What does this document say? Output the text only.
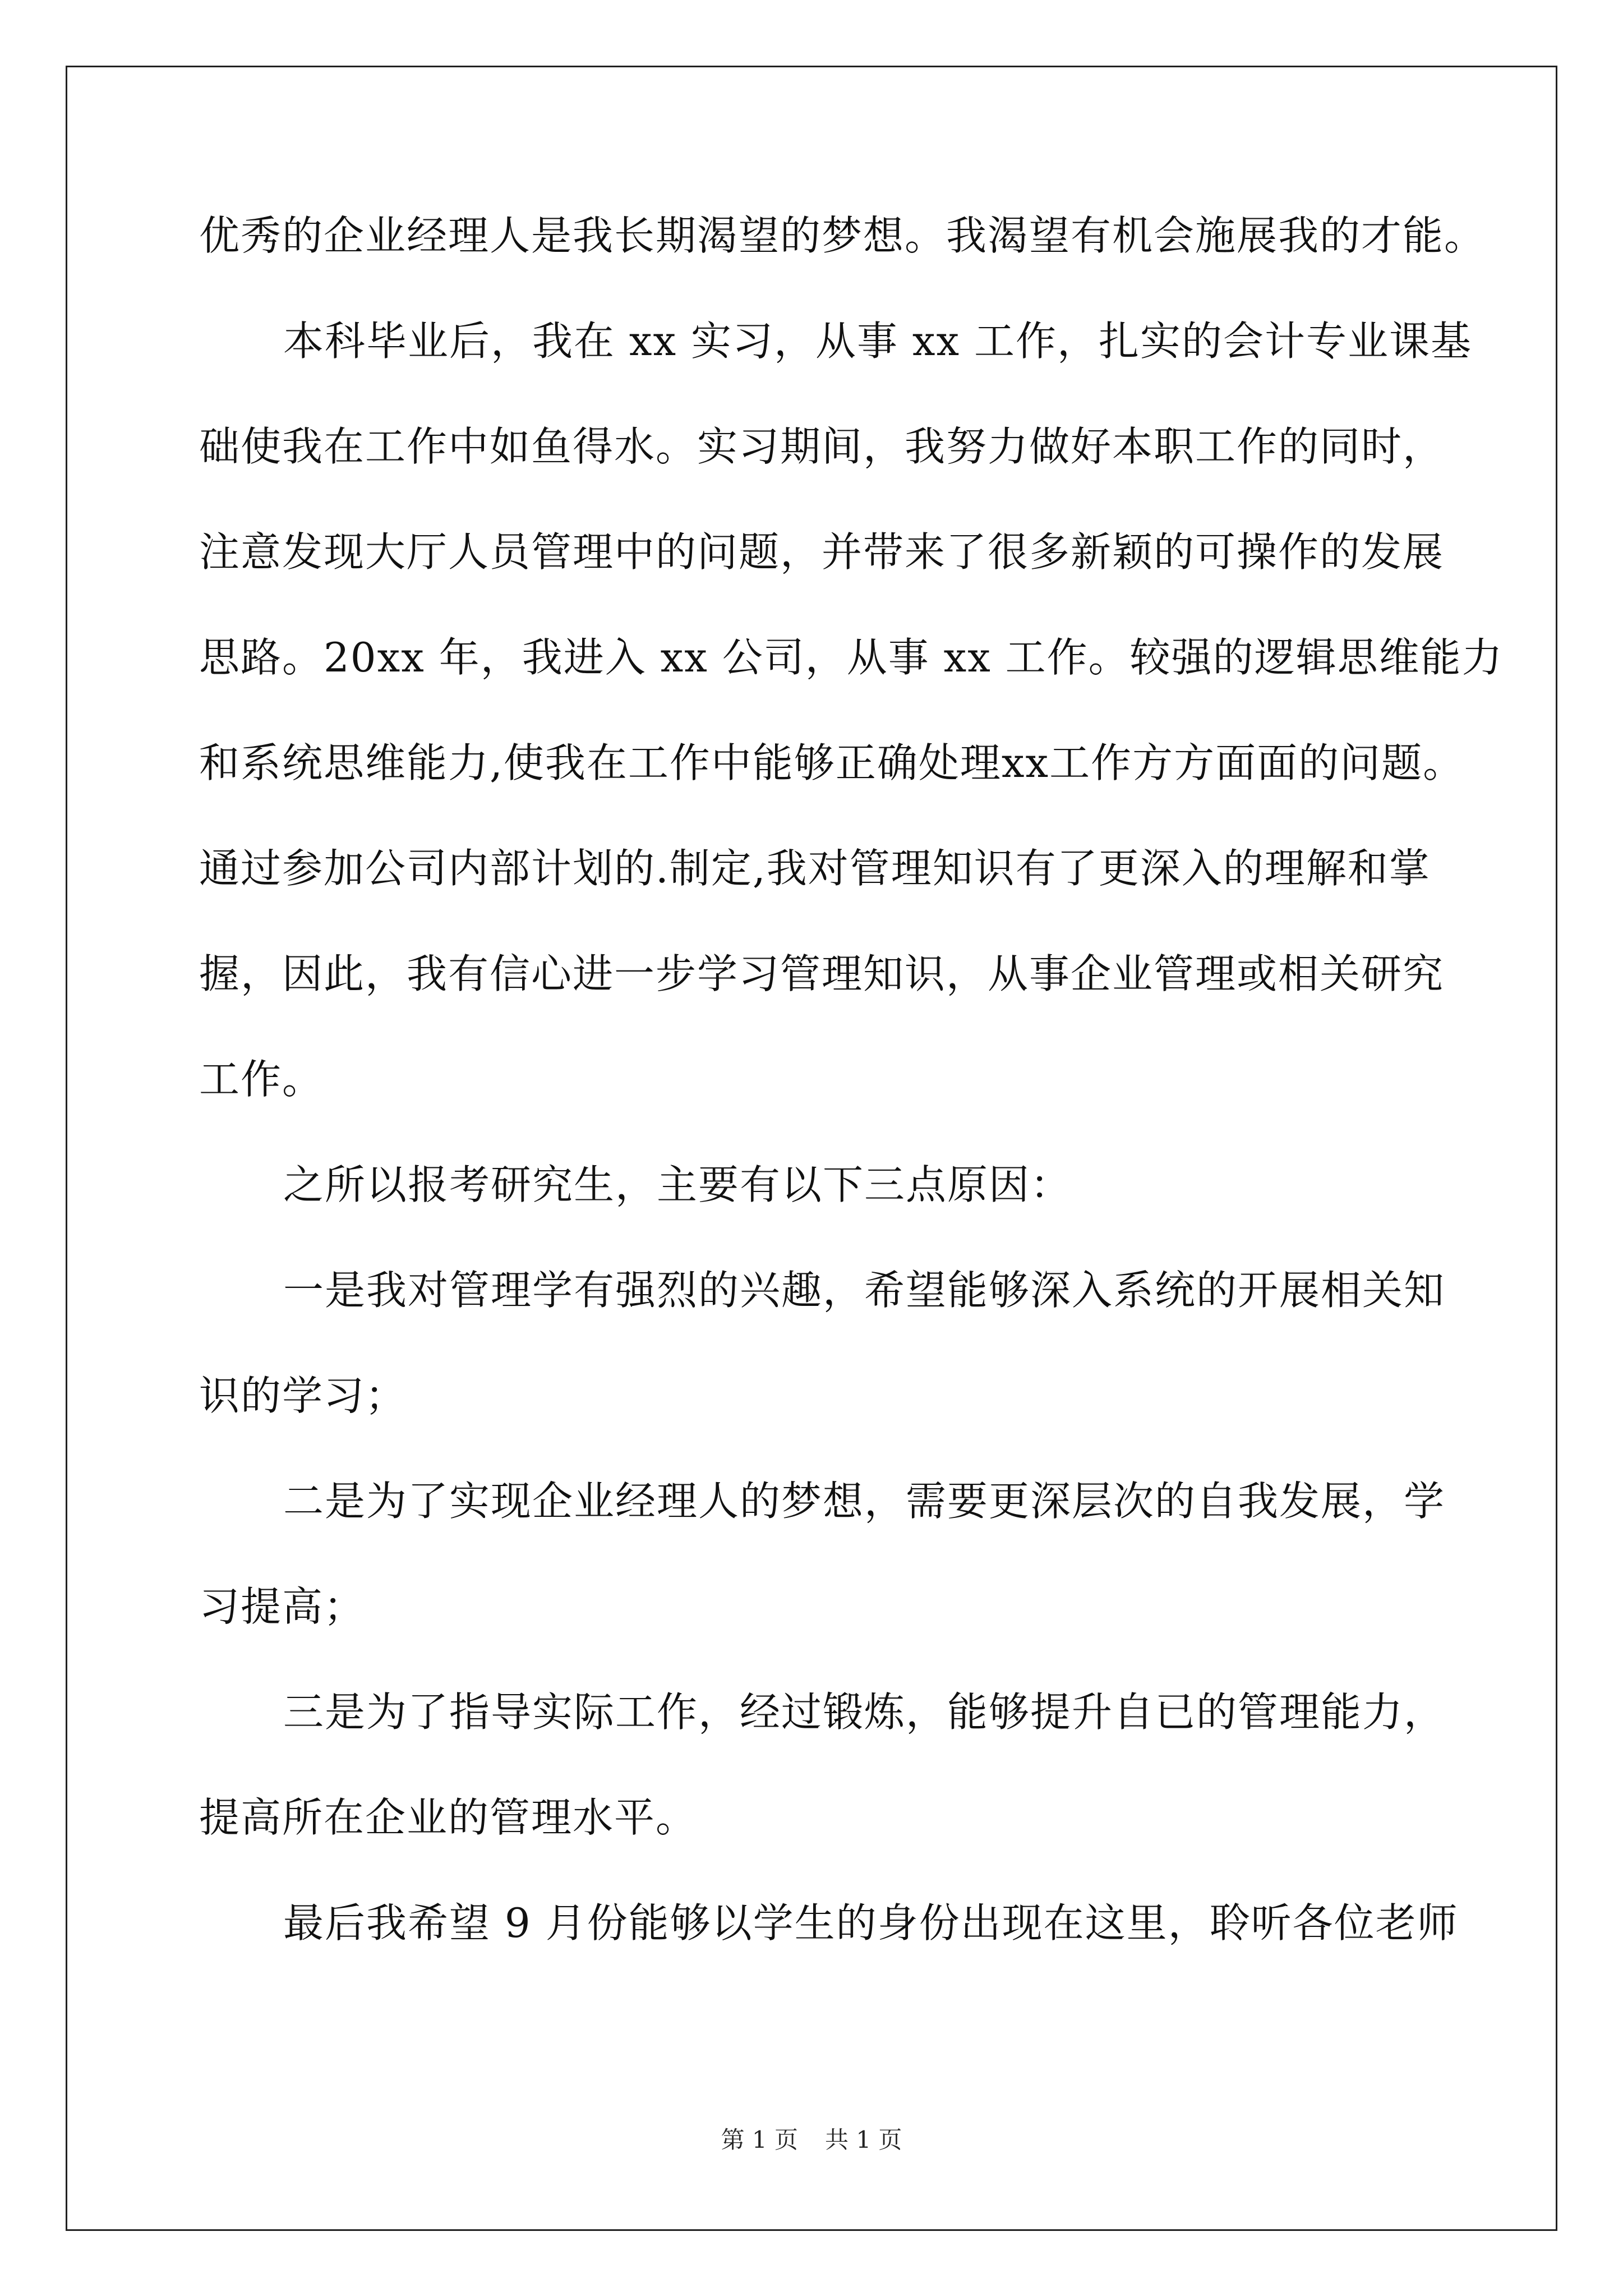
优秀的企业经理人是我长期渴望的梦想。我渴望有机会施展我的才能。
本科毕业后，我在 xx 实习，从事 xx 工作，扎实的会计专业课基
础使我在工作中如鱼得水。实习期间，我努力做好本职工作的同时，
注意发现大厅人员管理中的问题，并带来了很多新颖的可操作的发展
思路。20xx 年，我进入 xx 公司，从事 xx 工作。较强的逻辑思维能力
和系统思维能力,使我在工作中能够正确处理xx工作方方面面的问题。
通过参加公司内部计划的.制定,我对管理知识有了更深入的理解和掌
握，因此，我有信心进一步学习管理知识，从事企业管理或相关研究
工作。
之所以报考研究生，主要有以下三点原因：
一是我对管理学有强烈的兴趣，希望能够深入系统的开展相关知
识的学习；
二是为了实现企业经理人的梦想，需要更深层次的自我发展，学
习提高；
三是为了指导实际工作，经过锻炼，能够提升自已的管理能力，
提高所在企业的管理水平。
最后我希望 9 月份能够以学生的身份出现在这里，聆听各位老师
第 1 页 共 1 页
